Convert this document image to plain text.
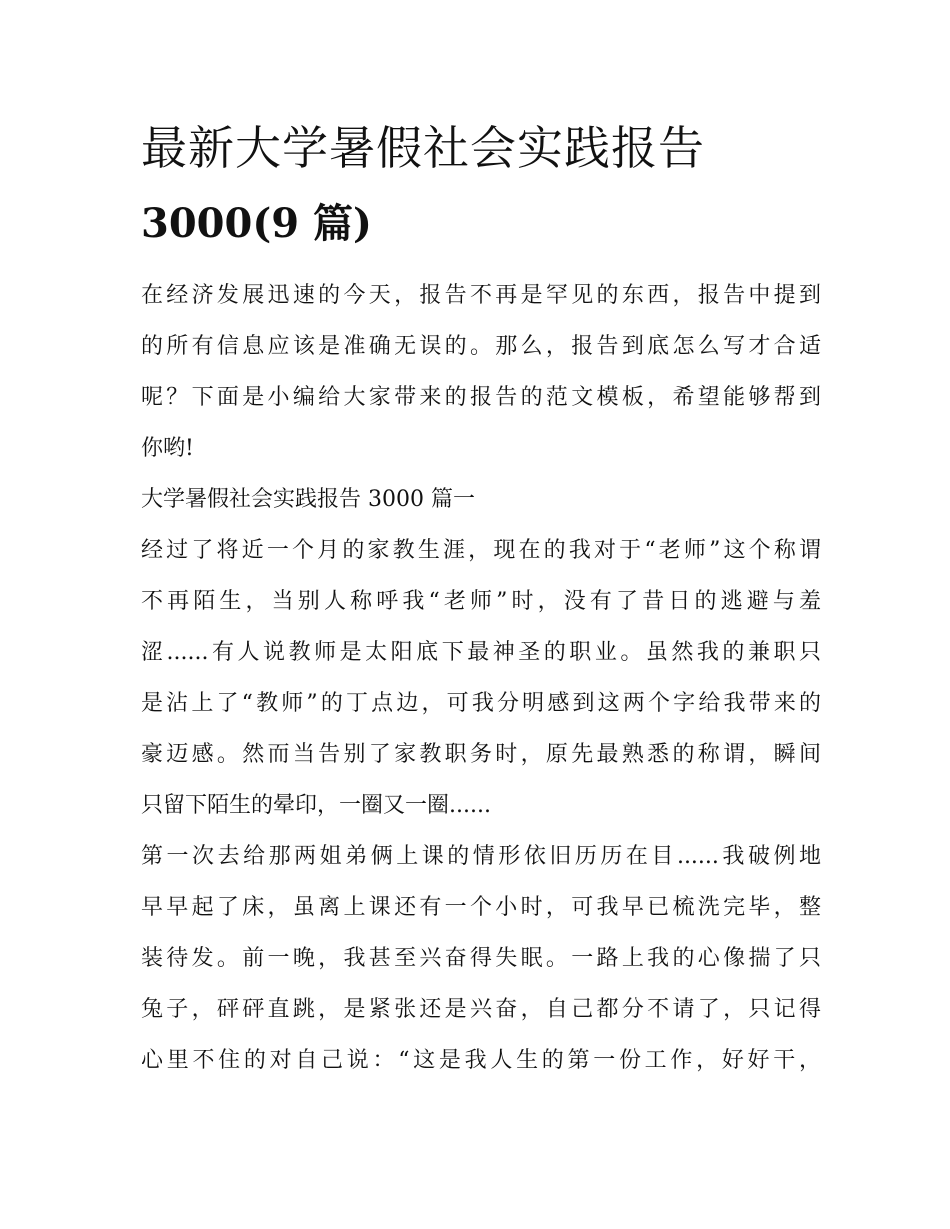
最新大学暑假社会实践报告
3000(9 篇)
在经济发展迅速的今天，报告不再是罕见的东西，报告中提到
的所有信息应该是准确无误的。那么，报告到底怎么写才合适
呢？下面是小编给大家带来的报告的范文模板，希望能够帮到
你哟!
大学暑假社会实践报告 3000 篇一
经过了将近一个月的家教生涯，现在的我对于“老师”这个称谓
不再陌生，当别人称呼我“老师”时，没有了昔日的逃避与羞
涩......有人说教师是太阳底下最神圣的职业。虽然我的兼职只
是沾上了“教师”的丁点边，可我分明感到这两个字给我带来的
豪迈感。然而当告别了家教职务时，原先最熟悉的称谓，瞬间
只留下陌生的晕印，一圈又一圈......
第一次去给那两姐弟俩上课的情形依旧历历在目......我破例地
早早起了床，虽离上课还有一个小时，可我早已梳洗完毕，整
装待发。前一晚，我甚至兴奋得失眠。一路上我的心像揣了只
兔子，砰砰直跳，是紧张还是兴奋，自己都分不请了，只记得
心里不住的对自己说：“这是我人生的第一份工作，好好干，
